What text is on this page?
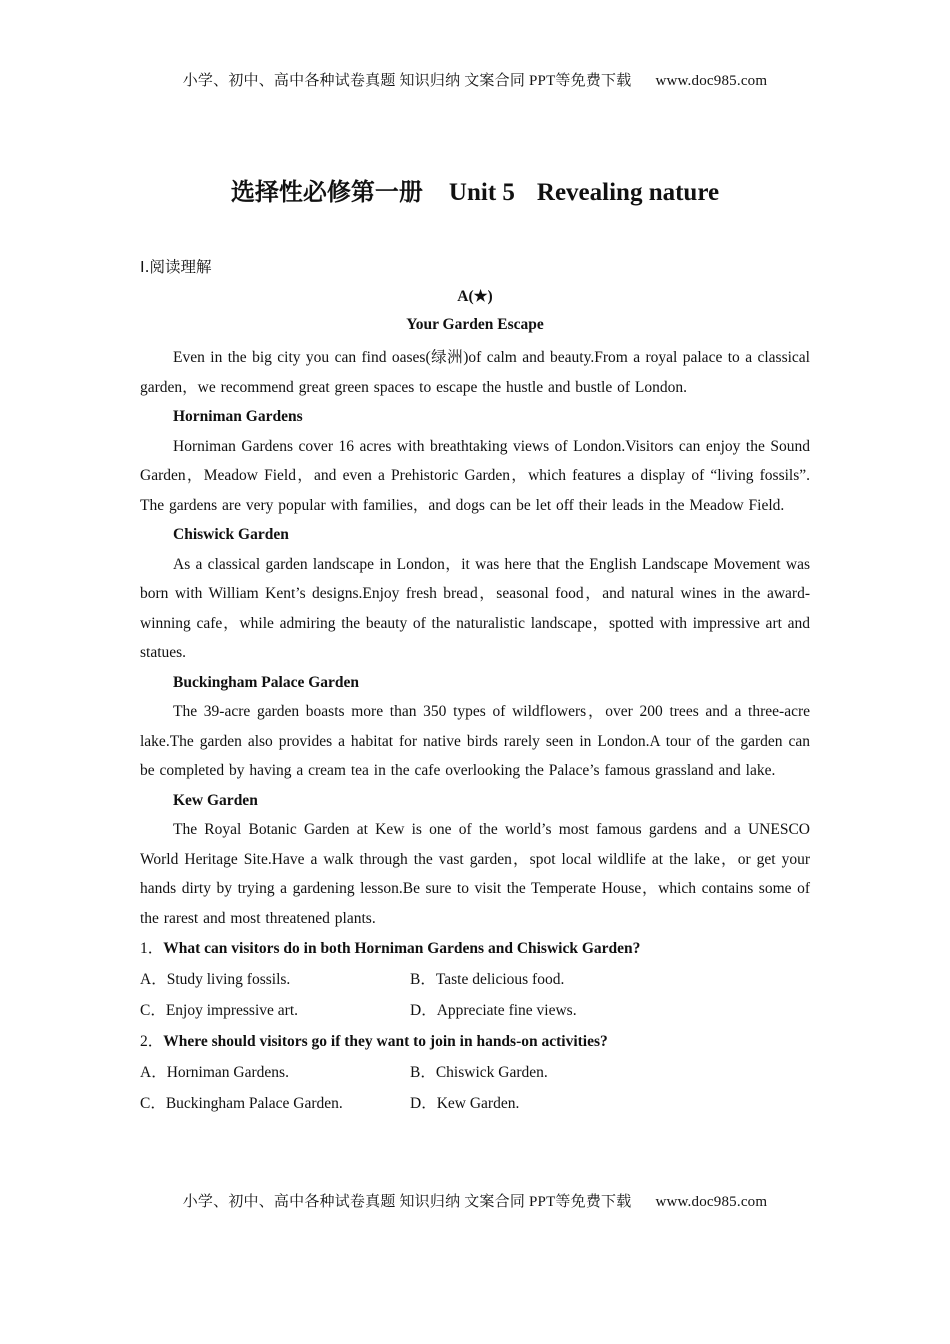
小学、初中、高中各种试卷真题 知识归纳 文案合同 PPT等免费下载 www.doc985.com
选择性必修第一册 Unit 5 Revealing nature
Ⅰ.阅读理解
A(★)
Your Garden Escape

Even in the big city you can find oases(绿洲)of calm and beauty.From a royal palace to a classical garden，we recommend great green spaces to escape the hustle and bustle of London.

Horniman Gardens

Horniman Gardens cover 16 acres with breathtaking views of London.Visitors can enjoy the Sound Garden，Meadow Field，and even a Prehistoric Garden，which features a display of “living fossils”. The gardens are very popular with families，and dogs can be let off their leads in the Meadow Field.

Chiswick Garden

As a classical garden landscape in London，it was here that the English Landscape Movement was born with William Kent’s designs.Enjoy fresh bread，seasonal food，and natural wines in the award-winning cafe，while admiring the beauty of the naturalistic landscape，spotted with impressive art and statues.

Buckingham Palace Garden

The 39-acre garden boasts more than 350 types of wildflowers，over 200 trees and a three-acre lake.The garden also provides a habitat for native birds rarely seen in London.A tour of the garden can be completed by having a cream tea in the cafe overlooking the Palace’s famous grassland and lake.

Kew Garden

The Royal Botanic Garden at Kew is one of the world’s most famous gardens and a UNESCO World Heritage Site.Have a walk through the vast garden，spot local wildlife at the lake，or get your hands dirty by trying a gardening lesson.Be sure to visit the Temperate House，which contains some of the rarest and most threatened plants.

1．What can visitors do in both Horniman Gardens and Chiswick Garden?

A．Study living fossils.	B．Taste delicious food.
C．Enjoy impressive art.	D．Appreciate fine views.

2．Where should visitors go if they want to join in hands-on activities?

A．Horniman Gardens.	B．Chiswick Garden.
C．Buckingham Palace Garden.	D．Kew Garden.
小学、初中、高中各种试卷真题 知识归纳 文案合同 PPT等免费下载 www.doc985.com
